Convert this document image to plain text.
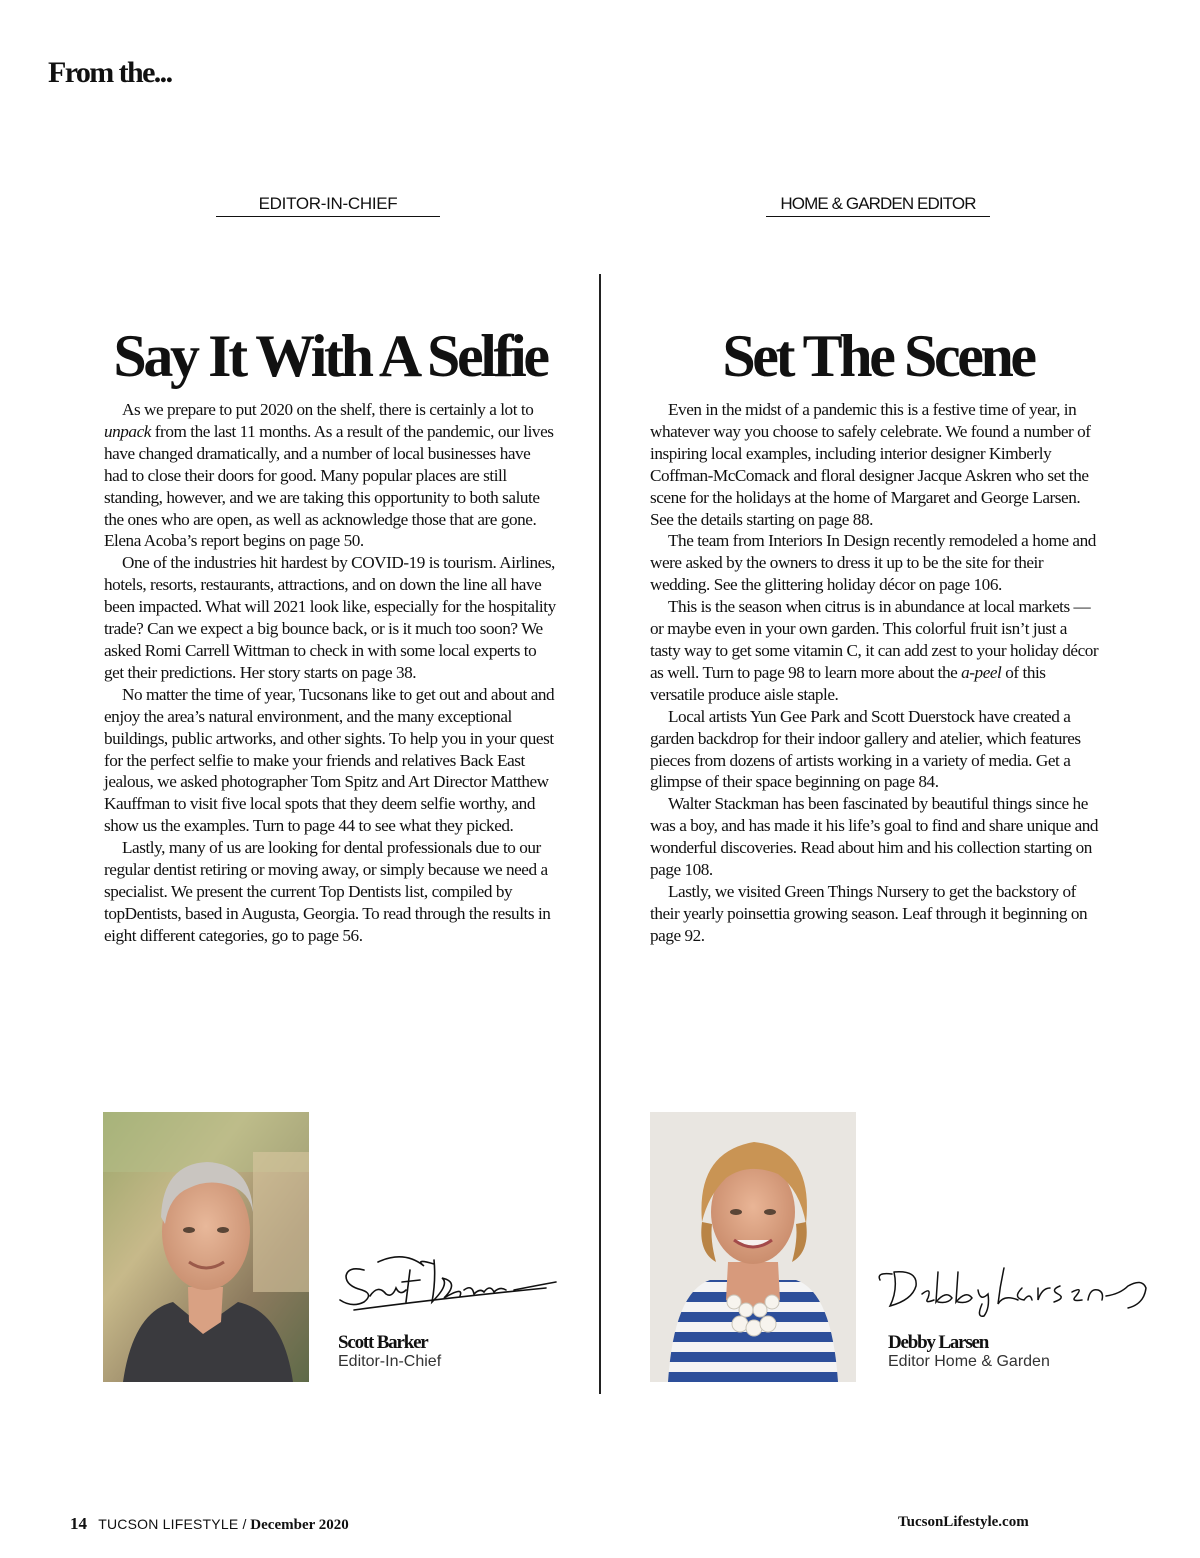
From the...
EDITOR-IN-CHIEF	HOME & GARDEN EDITOR
Say It With A Selfie	Set The Scene

As we prepare to put 2020 on the shelf, there is certainly a lot to unpack from the last 11 months. As a result of the pandemic, our lives have changed dramatically, and a number of local businesses have had to close their doors for good. Many popular places are still standing, however, and we are taking this opportunity to both salute the ones who are open, as well as acknowledge those that are gone. Elena Acoba’s report begins on page 50.

One of the industries hit hardest by COVID-19 is tourism. Airlines, hotels, resorts, restaurants, attractions, and on down the line all have been impacted. What will 2021 look like, especially for the hospitality trade? Can we expect a big bounce back, or is it much too soon? We asked Romi Carrell Wittman to check in with some local experts to get their predictions. Her story starts on page 38.

No matter the time of year, Tucsonans like to get out and about and enjoy the area’s natural environment, and the many exceptional buildings, public artworks, and other sights. To help you in your quest for the perfect selfie to make your friends and relatives Back East jealous, we asked photographer Tom Spitz and Art Director Matthew Kauffman to visit five local spots that they deem selfie worthy, and show us the examples. Turn to page 44 to see what they picked.

Lastly, many of us are looking for dental professionals due to our regular dentist retiring or moving away, or simply because we need a specialist. We present the current Top Dentists list, compiled by topDentists, based in Augusta, Georgia. To read through the results in eight different categories, go to page 56.

Even in the midst of a pandemic this is a festive time of year, in whatever way you choose to safely celebrate. We found a number of inspiring local examples, including interior designer Kimberly Coffman-McComack and floral designer Jacque Askren who set the scene for the holidays at the home of Margaret and George Larsen. See the details starting on page 88.

The team from Interiors In Design recently remodeled a home and were asked by the owners to dress it up to be the site for their wedding. See the glittering holiday décor on page 106.

This is the season when citrus is in abundance at local markets — or maybe even in your own garden. This colorful fruit isn’t just a tasty way to get some vitamin C, it can add zest to your holiday décor as well. Turn to page 98 to learn more about the a-peel of this versatile produce aisle staple.

Local artists Yun Gee Park and Scott Duerstock have created a garden backdrop for their indoor gallery and atelier, which features pieces from dozens of artists working in a variety of media. Get a glimpse of their space beginning on page 84.

Walter Stackman has been fascinated by beautiful things since he was a boy, and has made it his life’s goal to find and share unique and wonderful discoveries. Read about him and his collection starting on page 108.

Lastly, we visited Green Things Nursery to get the backstory of their yearly poinsettia growing season. Leaf through it beginning on page 92.

Scott Barker
Editor-In-Chief
Debby Larsen
Editor Home & Garden
14 TUCSON LIFESTYLE / December 2020	TucsonLifestyle.com
